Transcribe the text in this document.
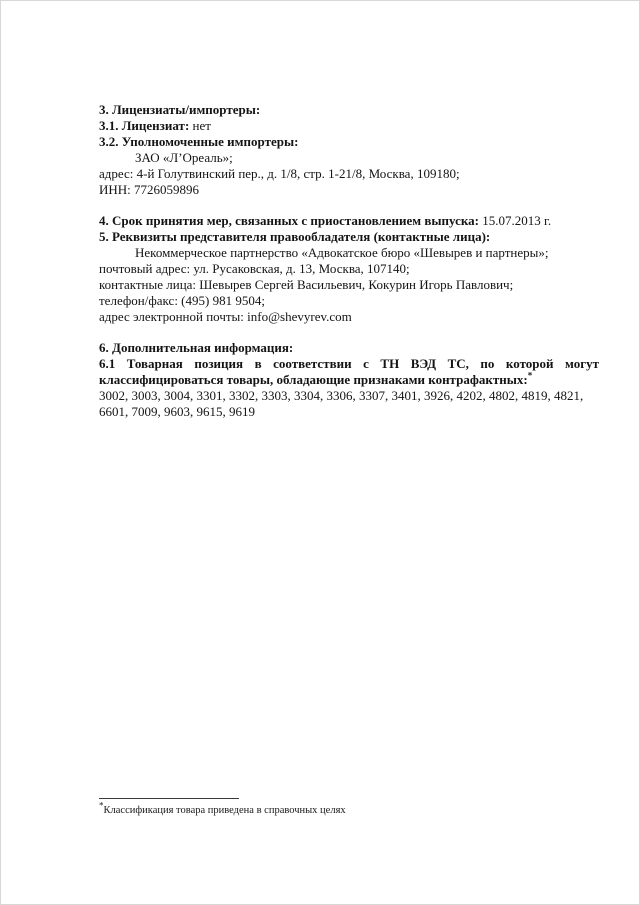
3. Лицензиаты/импортеры:

3.1. Лицензиат: нет

3.2. Уполномоченные импортеры:

ЗАО «Л’Ореаль»;

адрес: 4-й Голутвинский пер., д. 1/8, стр. 1-21/8, Москва, 109180;

ИНН: 7726059896

4. Срок принятия мер, связанных с приостановлением выпуска: 15.07.2013 г.

5. Реквизиты представителя правообладателя (контактные лица):

Некоммерческое партнерство «Адвокатское бюро «Шевырев и партнеры»;

почтовый адрес: ул. Русаковская, д. 13, Москва, 107140;

контактные лица: Шевырев Сергей Васильевич, Кокурин Игорь Павлович;

телефон/факс: (495) 981 9504;

адрес электронной почты: info@shevyrev.com

6. Дополнительная информация:

6.1 Товарная позиция в соответствии с ТН ВЭД ТС, по которой могут классифицироваться товары, обладающие признаками контрафактных:*

3002, 3003, 3004, 3301, 3302, 3303, 3304, 3306, 3307, 3401, 3926, 4202, 4802, 4819, 4821, 6601, 7009, 9603, 9615, 9619

*Классификация товара приведена в справочных целях
